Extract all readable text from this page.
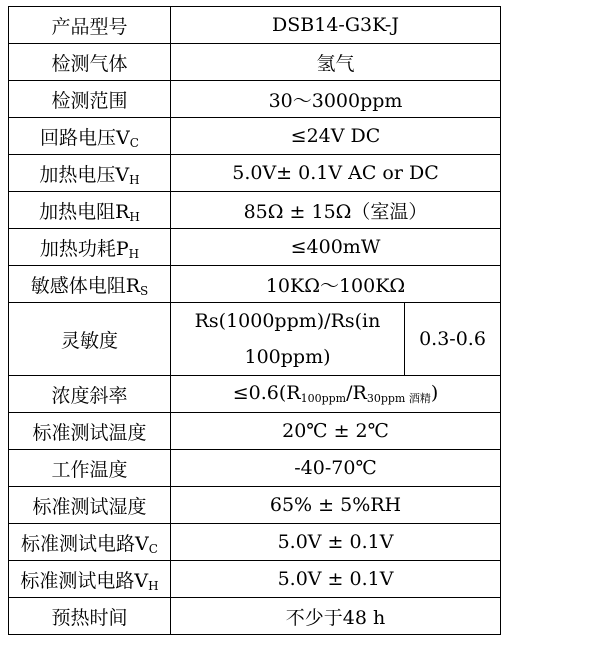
产品型号	DSB14-G3K-J	
检测气体	氢气	
检测范围	30～3000ppm	
回路电压$V_C$	≤24V DC	
加热电压$V_H$	5.0V± 0.1V AC or DC	
加热电阻$R_H$	85Ω ± 15Ω（室温）	
加热功耗$P_H$	≤400mW	
敏感体电阻$R_S$	10KΩ～100KΩ	
灵敏度	Rs(1000ppm)/Rs(in 100ppm)	0.3-0.6
浓度斜率	$\le 0.6(R_{100ppm}/R_{30ppm 酒精})$	
标准测试温度	20℃ ± 2℃	
工作温度	-40-70℃	
标准测试湿度	65% ± 5%RH	
标准测试电路$V_C$	5.0V ± 0.1V	
标准测试电路$V_H$	5.0V ± 0.1V	
预热时间	不少于48 h	
